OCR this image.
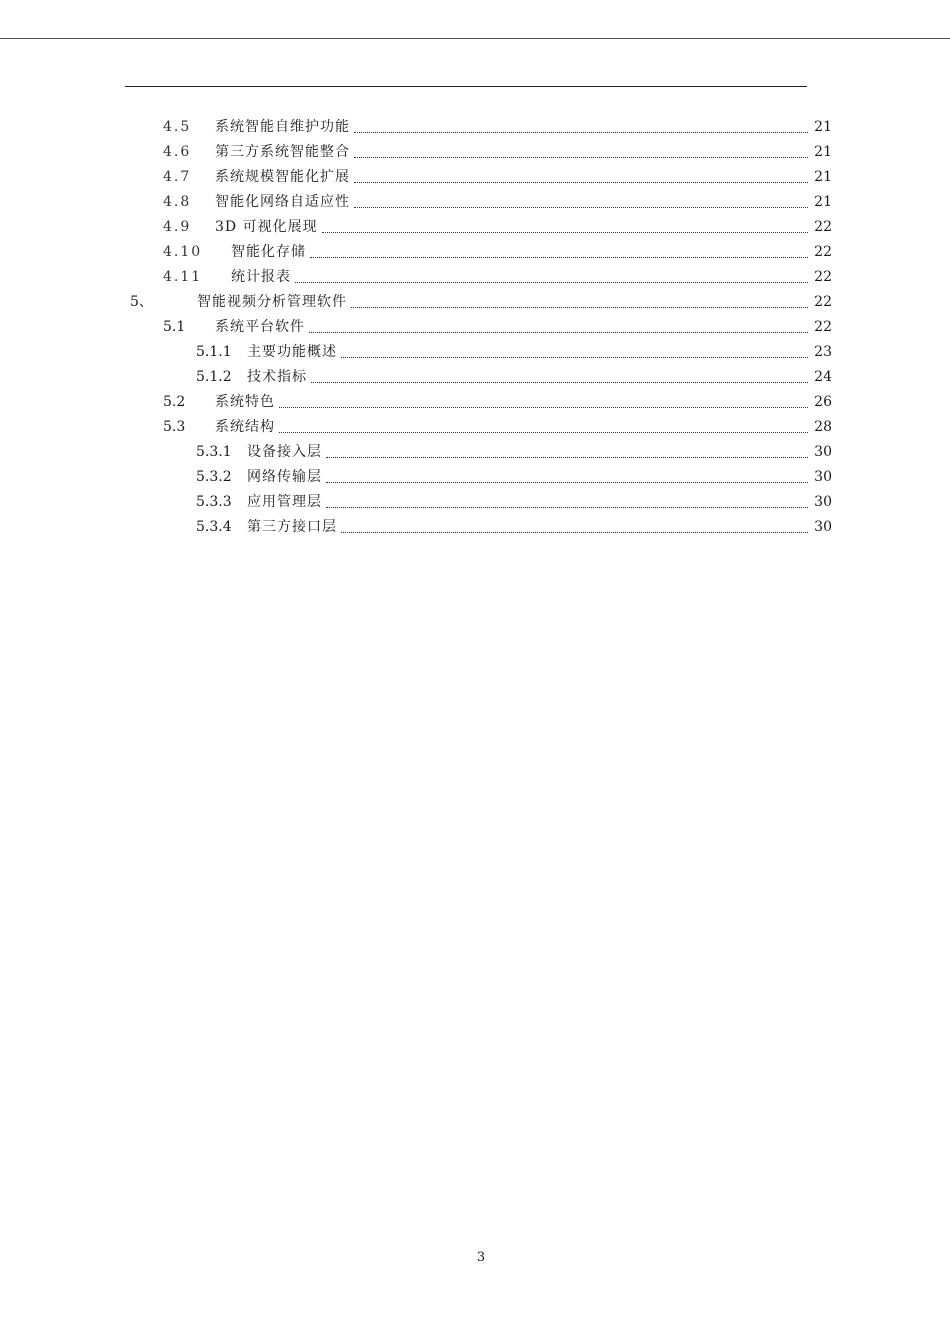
4.5	系统智能自维护功能	21
4.6	第三方系统智能整合	21
4.7	系统规模智能化扩展	21
4.8	智能化网络自适应性	21
4.9	3D 可视化展现	22
4.10	智能化存储	22
4.11	统计报表	22
5、	智能视频分析管理软件	22
5.1	系统平台软件	22
5.1.1	主要功能概述	23
5.1.2	技术指标	24
5.2	系统特色	26
5.3	系统结构	28
5.3.1	设备接入层	30
5.3.2	网络传输层	30
5.3.3	应用管理层	30
5.3.4	第三方接口层	30
3
